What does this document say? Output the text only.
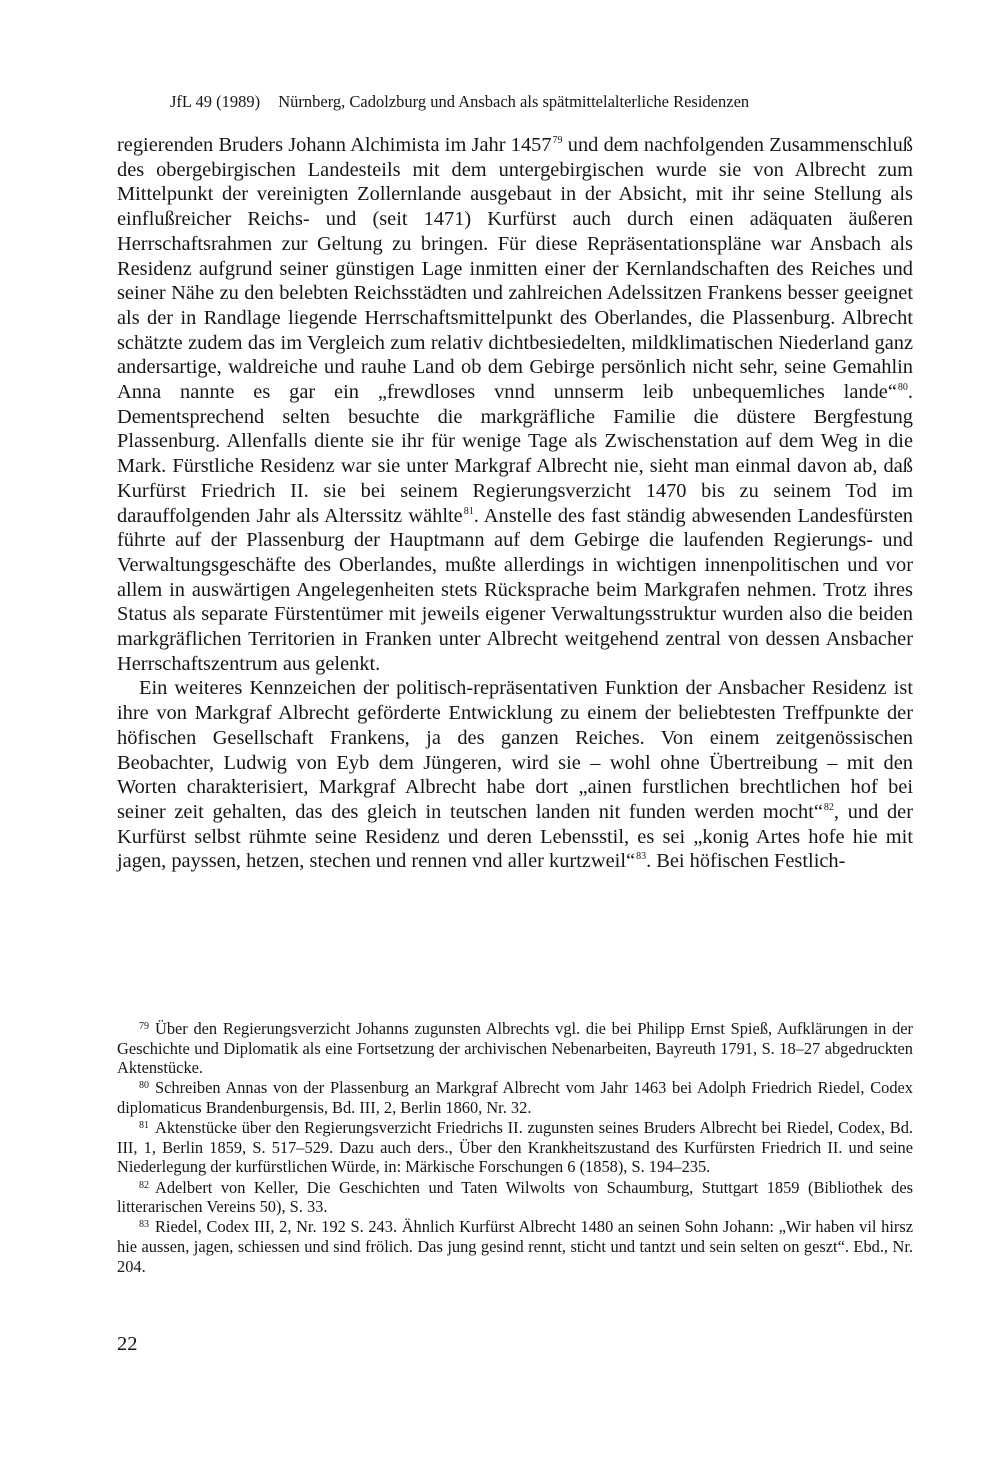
JfL 49 (1989) Nürnberg, Cadolzburg und Ansbach als spätmittelalterliche Residenzen

regierenden Bruders Johann Alchimista im Jahr 1457$^{79}$ und dem nachfolgenden Zusammenschluß des obergebirgischen Landesteils mit dem untergebirgischen wurde sie von Albrecht zum Mittelpunkt der vereinigten Zollernlande ausgebaut in der Absicht, mit ihr seine Stellung als einflußreicher Reichs- und (seit 1471) Kurfürst auch durch einen adäquaten äußeren Herrschaftsrahmen zur Geltung zu bringen. Für diese Repräsentationspläne war Ansbach als Residenz aufgrund seiner günstigen Lage inmitten einer der Kernlandschaften des Reiches und seiner Nähe zu den belebten Reichsstädten und zahlreichen Adelssitzen Frankens besser geeignet als der in Randlage liegende Herrschaftsmittelpunkt des Oberlandes, die Plassenburg. Albrecht schätzte zudem das im Vergleich zum relativ dichtbesiedelten, mildklimatischen Niederland ganz andersartige, waldreiche und rauhe Land ob dem Gebirge persönlich nicht sehr, seine Gemahlin Anna nannte es gar ein „frewdloses vnnd unnserm leib unbequemliches lande“$^{80}$. Dementsprechend selten besuchte die markgräfliche Familie die düstere Bergfestung Plassenburg. Allenfalls diente sie ihr für wenige Tage als Zwischenstation auf dem Weg in die Mark. Fürstliche Residenz war sie unter Markgraf Albrecht nie, sieht man einmal davon ab, daß Kurfürst Friedrich II. sie bei seinem Regierungsverzicht 1470 bis zu seinem Tod im darauffolgenden Jahr als Alterssitz wählte$^{81}$. Anstelle des fast ständig abwesenden Landesfürsten führte auf der Plassenburg der Hauptmann auf dem Gebirge die laufenden Regierungs- und Verwaltungsgeschäfte des Oberlandes, mußte allerdings in wichtigen innenpolitischen und vor allem in auswärtigen Angelegenheiten stets Rücksprache beim Markgrafen nehmen. Trotz ihres Status als separate Fürstentümer mit jeweils eigener Verwaltungsstruktur wurden also die beiden markgräflichen Territorien in Franken unter Albrecht weitgehend zentral von dessen Ansbacher Herrschaftszentrum aus gelenkt.

Ein weiteres Kennzeichen der politisch-repräsentativen Funktion der Ansbacher Residenz ist ihre von Markgraf Albrecht geförderte Entwicklung zu einem der beliebtesten Treffpunkte der höfischen Gesellschaft Frankens, ja des ganzen Reiches. Von einem zeitgenössischen Beobachter, Ludwig von Eyb dem Jüngeren, wird sie – wohl ohne Übertreibung – mit den Worten charakterisiert, Markgraf Albrecht habe dort „ainen furstlichen brechtlichen hof bei seiner zeit gehalten, das des gleich in teutschen landen nit funden werden mocht“$^{82}$, und der Kurfürst selbst rühmte seine Residenz und deren Lebensstil, es sei „konig Artes hofe hie mit jagen, payssen, hetzen, stechen und rennen vnd aller kurtzweil“$^{83}$. Bei höfischen Festlich-

$^{79}$ Über den Regierungsverzicht Johanns zugunsten Albrechts vgl. die bei Philipp Ernst Spieß, Aufklärungen in der Geschichte und Diplomatik als eine Fortsetzung der archivischen Nebenarbeiten, Bayreuth 1791, S. 18–27 abgedruckten Aktenstücke.

$^{80}$ Schreiben Annas von der Plassenburg an Markgraf Albrecht vom Jahr 1463 bei Adolph Friedrich Riedel, Codex diplomaticus Brandenburgensis, Bd. III, 2, Berlin 1860, Nr. 32.

$^{81}$ Aktenstücke über den Regierungsverzicht Friedrichs II. zugunsten seines Bruders Albrecht bei Riedel, Codex, Bd. III, 1, Berlin 1859, S. 517–529. Dazu auch ders., Über den Krankheitszustand des Kurfürsten Friedrich II. und seine Niederlegung der kurfürstlichen Würde, in: Märkische Forschungen 6 (1858), S. 194–235.

$^{82}$ Adelbert von Keller, Die Geschichten und Taten Wilwolts von Schaumburg, Stuttgart 1859 (Bibliothek des litterarischen Vereins 50), S. 33.

$^{83}$ Riedel, Codex III, 2, Nr. 192 S. 243. Ähnlich Kurfürst Albrecht 1480 an seinen Sohn Johann: „Wir haben vil hirsz hie aussen, jagen, schiessen und sind frölich. Das jung gesind rennt, sticht und tantzt und sein selten on geszt“. Ebd., Nr. 204.

22
